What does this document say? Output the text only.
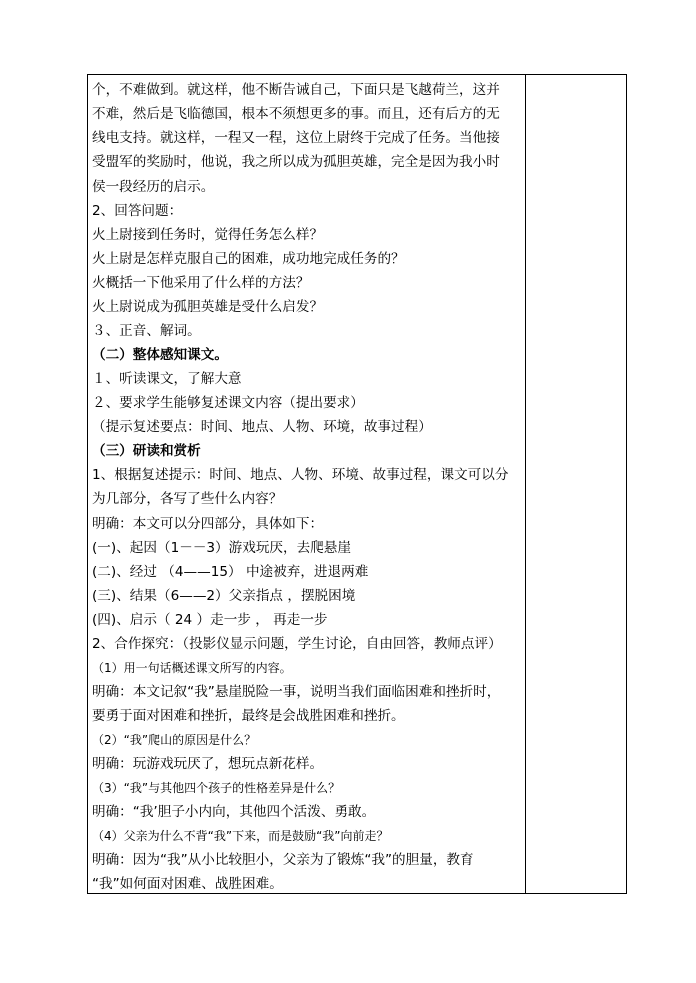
个，不难做到。就这样，他不断告诫自己，下面只是飞越荷兰，这并
不难，然后是飞临德国，根本不须想更多的事。而且，还有后方的无
线电支持。就这样，一程又一程，这位上尉终于完成了任务。当他接
受盟军的奖励时，他说，我之所以成为孤胆英雄，完全是因为我小时
侯一段经历的启示。
2、回答问题：
火上尉接到任务时，觉得任务怎么样？
火上尉是怎样克服自己的困难，成功地完成任务的？
火概括一下他采用了什么样的方法？
火上尉说成为孤胆英雄是受什么启发？
３、正音、解词。
（二）整体感知课文。
１、听读课文，了解大意
２、要求学生能够复述课文内容（提出要求）
（提示复述要点：时间、地点、人物、环境，故事过程）
（三）研读和赏析
1、根据复述提示：时间、地点、人物、环境、故事过程，课文可以分
为几部分，各写了些什么内容？
明确：本文可以分四部分，具体如下：
(一)、起因（1－－3）游戏玩厌，去爬悬崖
(二)、经过 （4——15） 中途被弃，进退两难
(三)、结果（6——2）父亲指点 ，摆脱困境
(四)、启示（ 24 ）走一步 ， 再走一步
2、合作探究：（投影仪显示问题，学生讨论，自由回答，教师点评）
（1）用一句话概述课文所写的内容。
明确：本文记叙“我”悬崖脱险一事，说明当我们面临困难和挫折时，
要勇于面对困难和挫折，最终是会战胜困难和挫折。
（2）“我”爬山的原因是什么？
明确：玩游戏玩厌了，想玩点新花样。
（3）“我”与其他四个孩子的性格差异是什么？
明确：“我’胆子小内向，其他四个活泼、勇敢。
（4）父亲为什么不背“我”下来，而是鼓励“我”向前走？
明确：因为“我”从小比较胆小，父亲为了锻炼“我”的胆量，教育
“我”如何面对困难、战胜困难。
